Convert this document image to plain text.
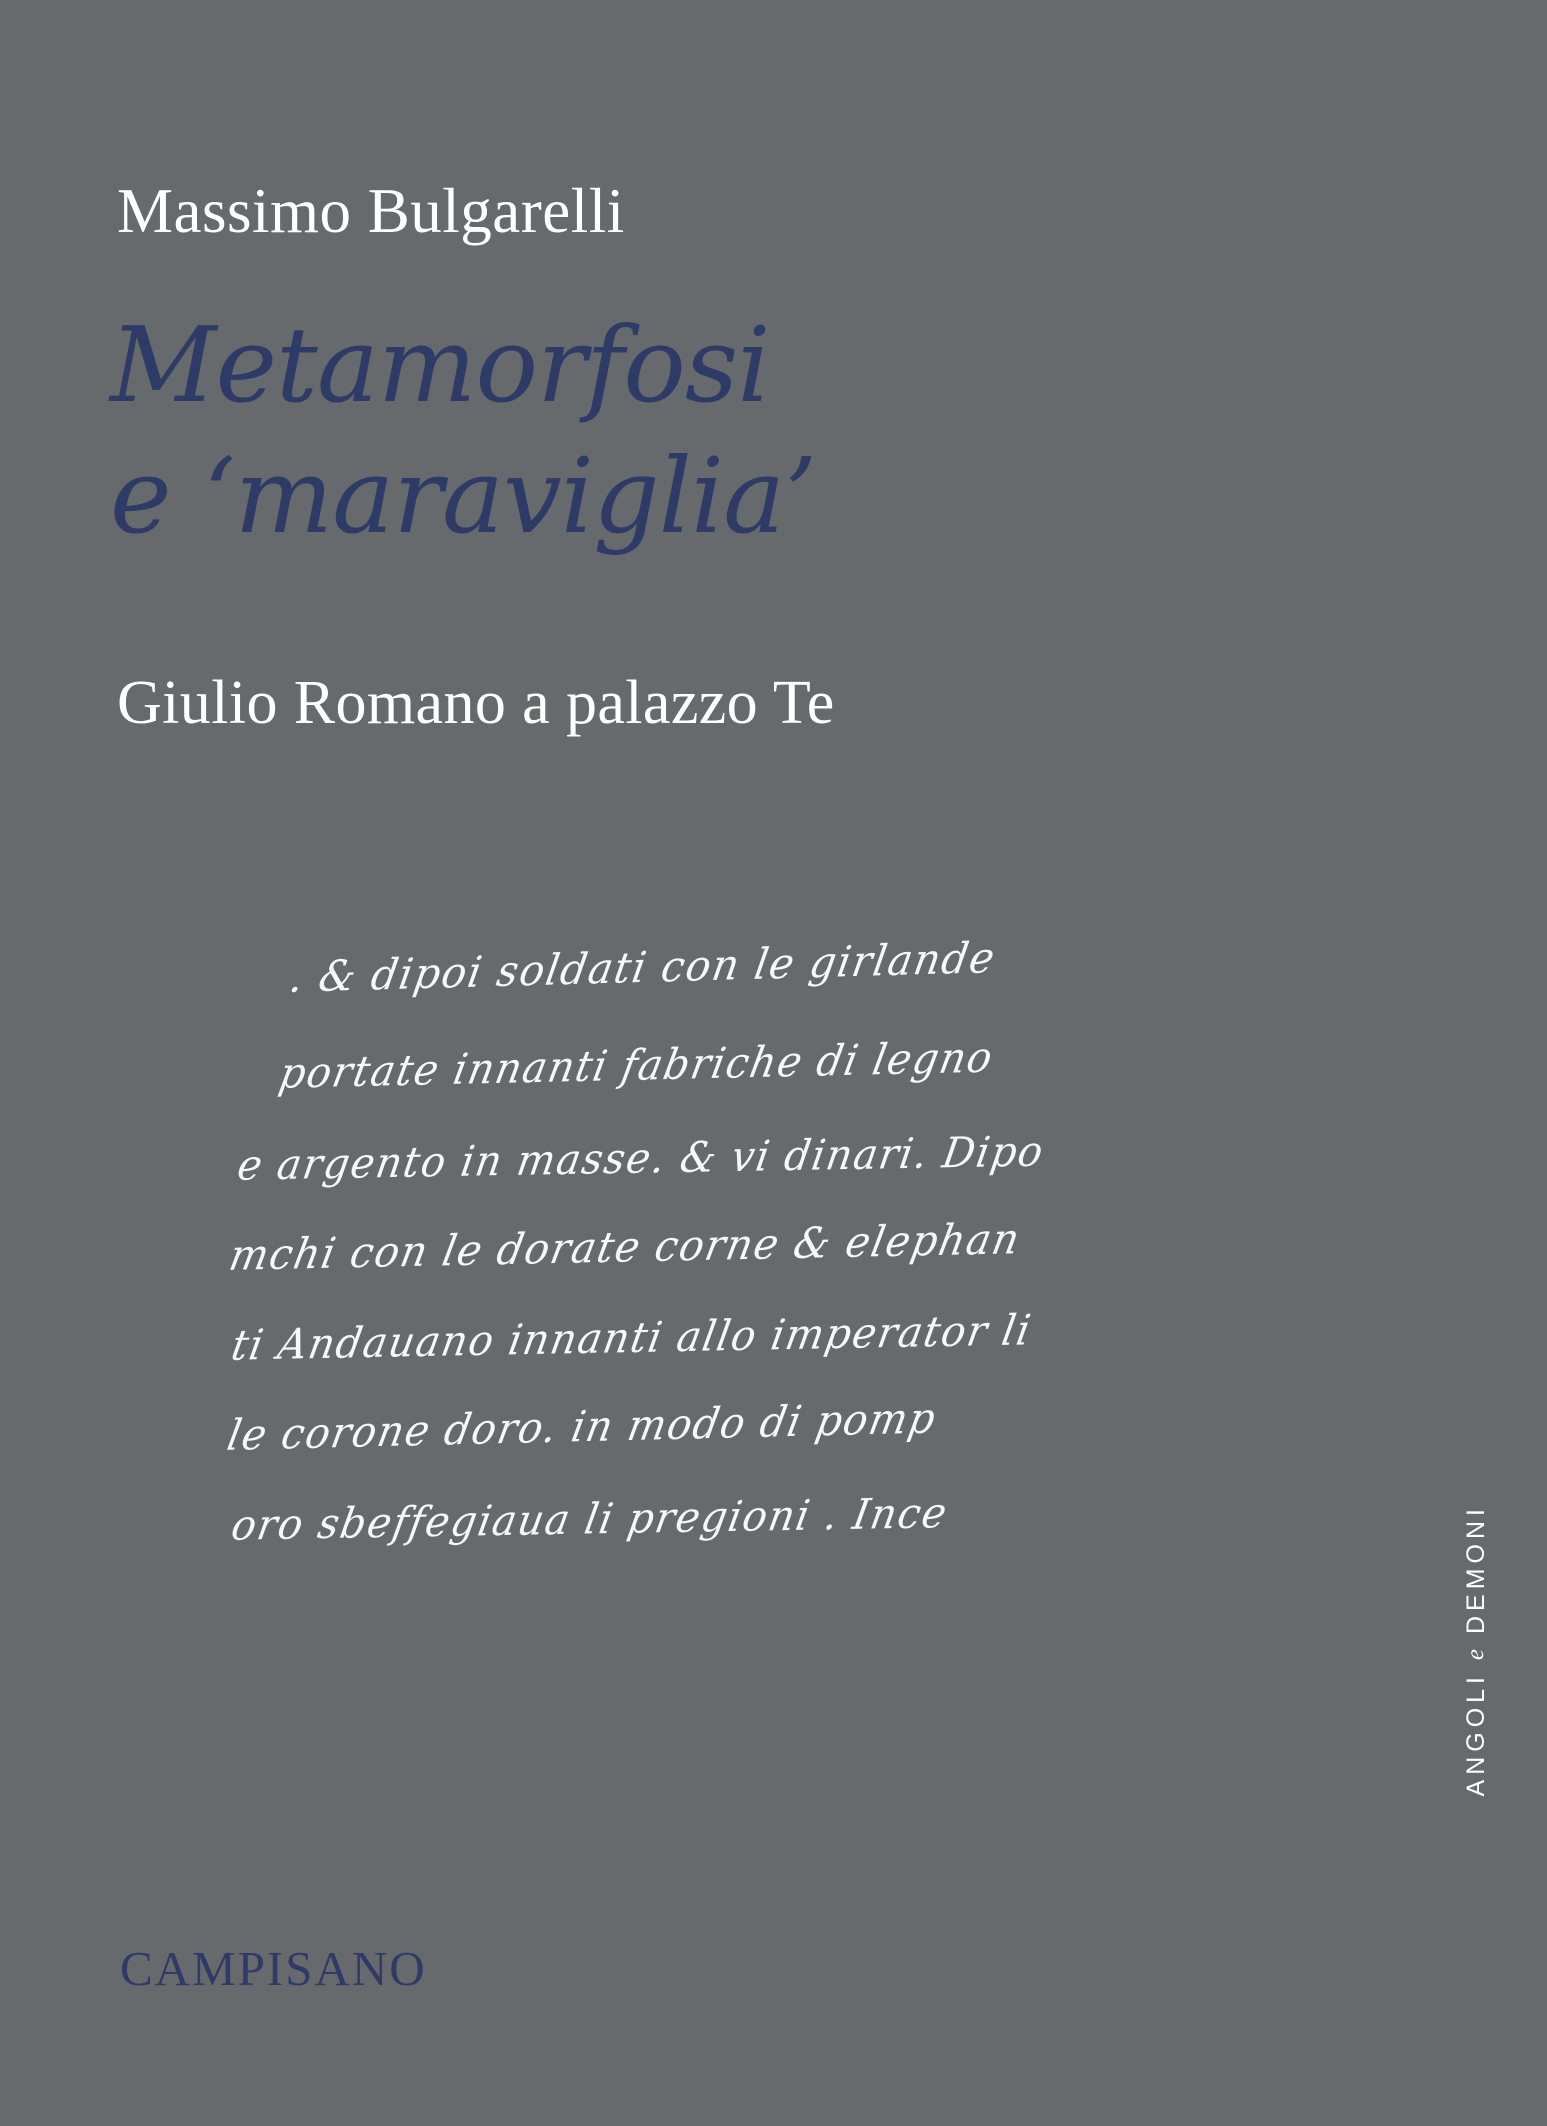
Massimo Bulgarelli
Metamorfosi
e ‘maraviglia’
Giulio Romano a palazzo Te
. & dipoi soldati con le girlande
portate innanti fabriche di legno
e argento in masse. & vi dinari. Dipo
mchi con le dorate corne & elephan
ti Andauano innanti allo imperator li
le corone doro. in modo di pomp
oro sbeffegiaua li pregioni . Ince
CAMPISANO
ANGOLI e DEMONI
